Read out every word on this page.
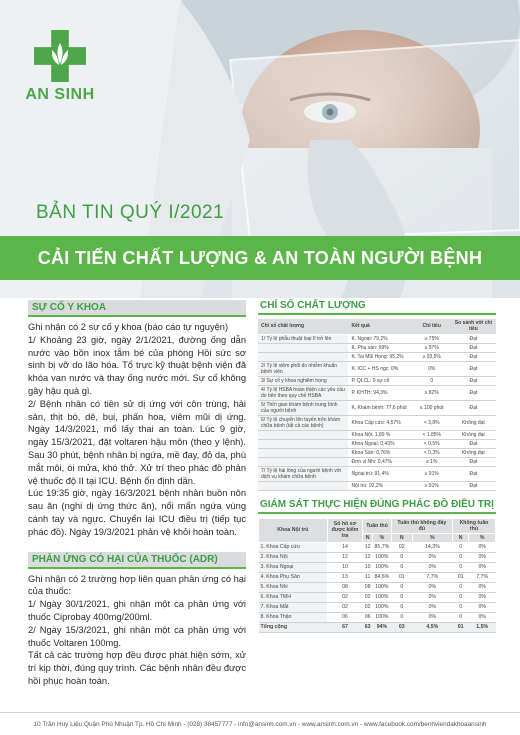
AN SINH
BẢN TIN QUÝ I/2021
CẢI TIẾN CHẤT LƯỢNG & AN TOÀN NGƯỜI BỆNH
SỰ CỐ Y KHOA

Ghi nhận có 2 sự cố y khoa (báo cáo tự nguyện)

1/ Khoảng 23 giờ, ngày 2/1/2021, đường ống dẫn nước vào bồn inox tắm bé của phòng Hồi sức sơ sinh bị vỡ do lão hóa. Tổ trực kỹ thuật bệnh viện đã khóa van nước và thay ống nước mới. Sự cố không gây hậu quả gì.

2/ Bệnh nhân có tiền sử dị ứng với côn trùng, hải sản, thịt bò, dê, bụi, phấn hoa, viêm mũi dị ứng. Ngày 14/3/2021, mổ lấy thai an toàn. Lúc 9 giờ, ngày 15/3/2021, đặt voltaren hậu môn (theo y lệnh). Sau 30 phút, bệnh nhân bị ngứa, mề đay, đỏ da, phù mắt môi, ói mửa, khó thở. Xử trí theo phác đồ phản vệ thuốc độ II tại ICU. Bệnh ổn định dần.

Lúc 19:35 giờ, ngày 16/3/2021 bệnh nhân buồn nôn sau ăn (nghi dị ứng thức ăn), nổi mẩn ngứa vùng cánh tay và ngực. Chuyển lại ICU điều trị (tiếp tục phác đồ). Ngày 19/3/2021 phản vệ khỏi hoàn toàn.

PHẢN ỨNG CÓ HẠI CỦA THUỐC (ADR)

Ghi nhận có 2 trường hợp liên quan phản ứng có hại của thuốc:

1/ Ngày 30/1/2021, ghi nhận một ca phản ứng với thuốc Ciprobay 400mg/200ml.

2/ Ngày 15/3/2021, ghi nhận một ca phản ứng với thuốc Voltaren 100mg.

Tất cả các trường hợp đều được phát hiện sớm, xử trí kịp thời, đúng quy trình. Các bệnh nhân đều được hồi phục hoàn toàn.

CHỈ SỐ CHẤT LƯỢNG
Chỉ số chất lượng	Kết quả	Chỉ tiêu	So sánh với chỉ tiêu
1/ Tỷ lệ phẫu thuật loại II trở lên	K. Ngoại: 79,2%	≥ 75%	Đạt
	K. Phụ sản: 99%	≥ 97%	Đạt
	K. Tai Mũi Họng: 95,2%	≥ 93,5%	Đạt
2/ Tỷ lệ viêm phổi do nhiễm khuẩn bệnh viện	K. ICC + HS ngc: 0%	0%	Đạt
3/ Sự cố y khoa nghiêm trọng	P. QLCL: 0 sự cố	0	Đạt
4/ Tỷ lệ HSBA hoàn thiện các yêu cầu do bên theo quy chế HSBA	P. KHTH: 94,3%	≥ 82%	Đạt
5/ Thời gian khám bệnh trung bình của người bệnh	K. Khám bệnh: 77,6 phút	≤ 100 phút	Đạt
6/ Tỷ lệ chuyển lên tuyến trên khám chữa bệnh (tất cả các bệnh)	Khoa Cấp cứu: 4,57%	< 3,8%	Không đạt
	Khoa Nội: 1,89 %	< 1,85%	Không đạt
	Khoa Ngoại: 0,43%	< 0,5%	Đạt
	Khoa Sản: 0,76%	< 0,3%	Không đạt
	Đơn vị Nhi: 0,47%	≤ 1%	Đạt
7/ Tỷ lệ hài lòng của người bệnh với dịch vụ khám chữa bệnh	Ngoại trú: 91,4%	≥ 91%	Đạt
	Nội trú: 92,2%	≥ 91%	Đạt
GIÁM SÁT THỰC HIỆN ĐÚNG PHÁC ĐỒ ĐIỀU TRỊ
Khoa Nội trú	Số hồ sơ được kiểm tra	Tuân thủ		Tuân thủ không đầy đủ		Không tuân thủ	
		N	%	N	%	N	%
1. Khoa Cấp cứu	14	12	85,7%	02	14,3%	0	0%
2. Khoa Nội	12	12	100%	0	0%	0	0%
3. Khoa Ngoại	10	10	100%	0	0%	0	0%
4. Khoa Phụ Sản	13	11	84,6%	01	7,7%	01	7,7%
5. Khoa Nhi	08	08	100%	0	0%	0	0%
6. Khoa TMH	02	02	100%	0	0%	0	0%
7. Khoa Mắt	02	02	100%	0	0%	0	0%
8. Khoa Thận	06	06	100%	0	0%	0	0%
Tổng cộng	67	63	94%	03	4,5%	01	1,5%
10 Trần Huy Liệu Quận Phú Nhuận Tp. Hồ Chí Minh - (028) 38457777 - info@ansinh.com.vn - www.ansinh.com.vn - www.facebook.com/benhviendakhoaansinh
